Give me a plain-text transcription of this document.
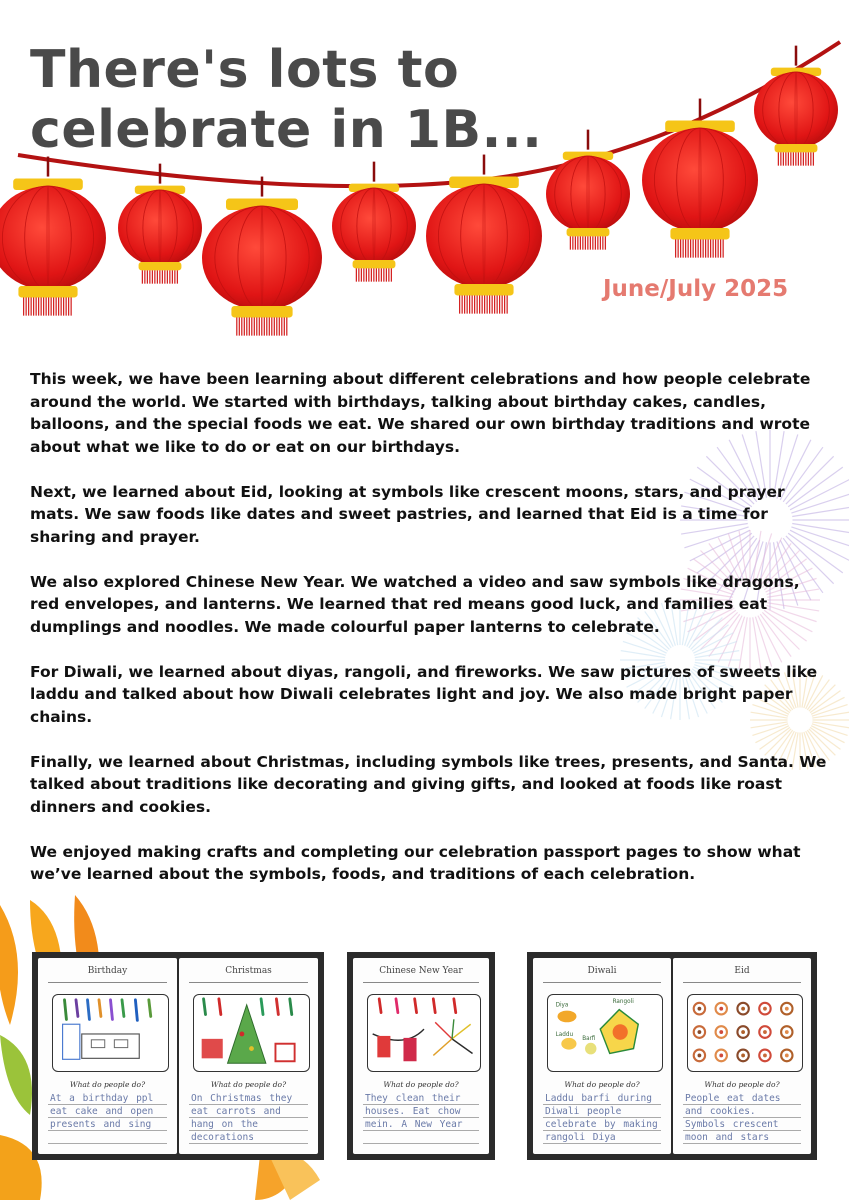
There's lots to celebrate in 1B...
June/July 2025

This week, we have been learning about different celebrations and how people celebrate around the world. We started with birthdays, talking about birthday cakes, candles, balloons, and the special foods we eat. We shared our own birthday traditions and wrote about what we like to do or eat on our birthdays.

Next, we learned about Eid, looking at symbols like crescent moons, stars, and prayer mats. We saw foods like dates and sweet pastries, and learned that Eid is a time for sharing and prayer.

We also explored Chinese New Year. We watched a video and saw symbols like dragons, red envelopes, and lanterns. We learned that red means good luck, and families eat dumplings and noodles. We made colourful paper lanterns to celebrate.

For Diwali, we learned about diyas, rangoli, and fireworks. We saw pictures of sweets like laddu and talked about how Diwali celebrates light and joy. We also made bright paper chains.

Finally, we learned about Christmas, including symbols like trees, presents, and Santa. We talked about traditions like decorating and giving gifts, and looked at foods like roast dinners and cookies.

We enjoyed making crafts and completing our celebration passport pages to show what we’ve learned about the symbols, foods, and traditions of each celebration.

Birthday
What do people do?
At a birthday ppl eat cake and open presents and sing
Christmas
What do people do?
On Christmas they eat carrots and hang on the decorations
Chinese New Year
What do people do?
They clean their houses. Eat chow mein. A New Year
Diwali
Diya
Rangoli
Laddu
Barfi
What do people do?
Laddu barfi during Diwali people celebrate by making rangoli Diya
Eid
What do people do?
People eat dates and cookies. Symbols crescent moon and stars
